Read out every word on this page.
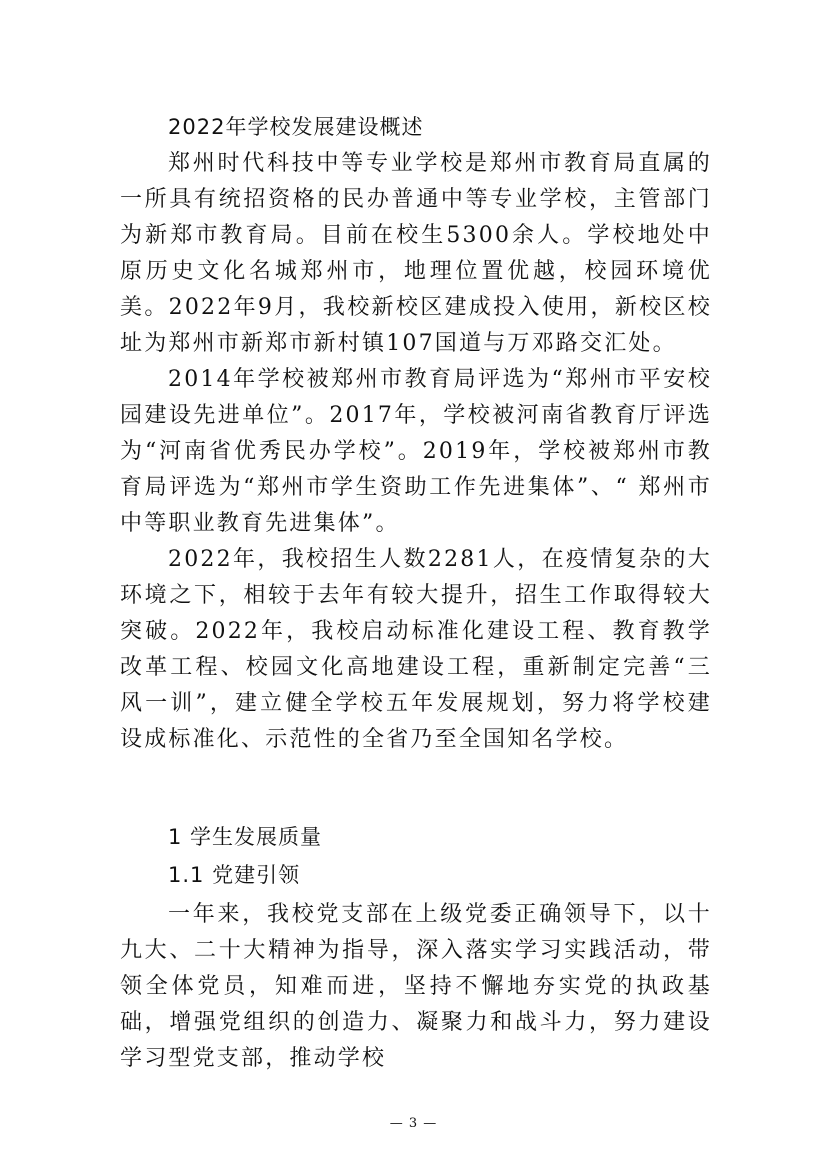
2022年学校发展建设概述

郑州时代科技中等专业学校是郑州市教育局直属的一所具有统招资格的民办普通中等专业学校，主管部门为新郑市教育局。目前在校生5300余人。学校地处中原历史文化名城郑州市，地理位置优越，校园环境优美。2022年9月，我校新校区建成投入使用，新校区校址为郑州市新郑市新村镇107国道与万邓路交汇处。

2014年学校被郑州市教育局评选为“郑州市平安校园建设先进单位”。2017年，学校被河南省教育厅评选为“河南省优秀民办学校”。2019年，学校被郑州市教育局评选为“郑州市学生资助工作先进集体”、“ 郑州市中等职业教育先进集体”。

2022年，我校招生人数2281人，在疫情复杂的大环境之下，相较于去年有较大提升，招生工作取得较大突破。2022年，我校启动标准化建设工程、教育教学改革工程、校园文化高地建设工程，重新制定完善“三风一训”，建立健全学校五年发展规划，努力将学校建设成标准化、示范性的全省乃至全国知名学校。

1 学生发展质量
1.1 党建引领

一年来，我校党支部在上级党委正确领导下，以十九大、二十大精神为指导，深入落实学习实践活动，带领全体党员，知难而进，坚持不懈地夯实党的执政基础，增强党组织的创造力、凝聚力和战斗力，努力建设学习型党支部，推动学校

— 3 —
